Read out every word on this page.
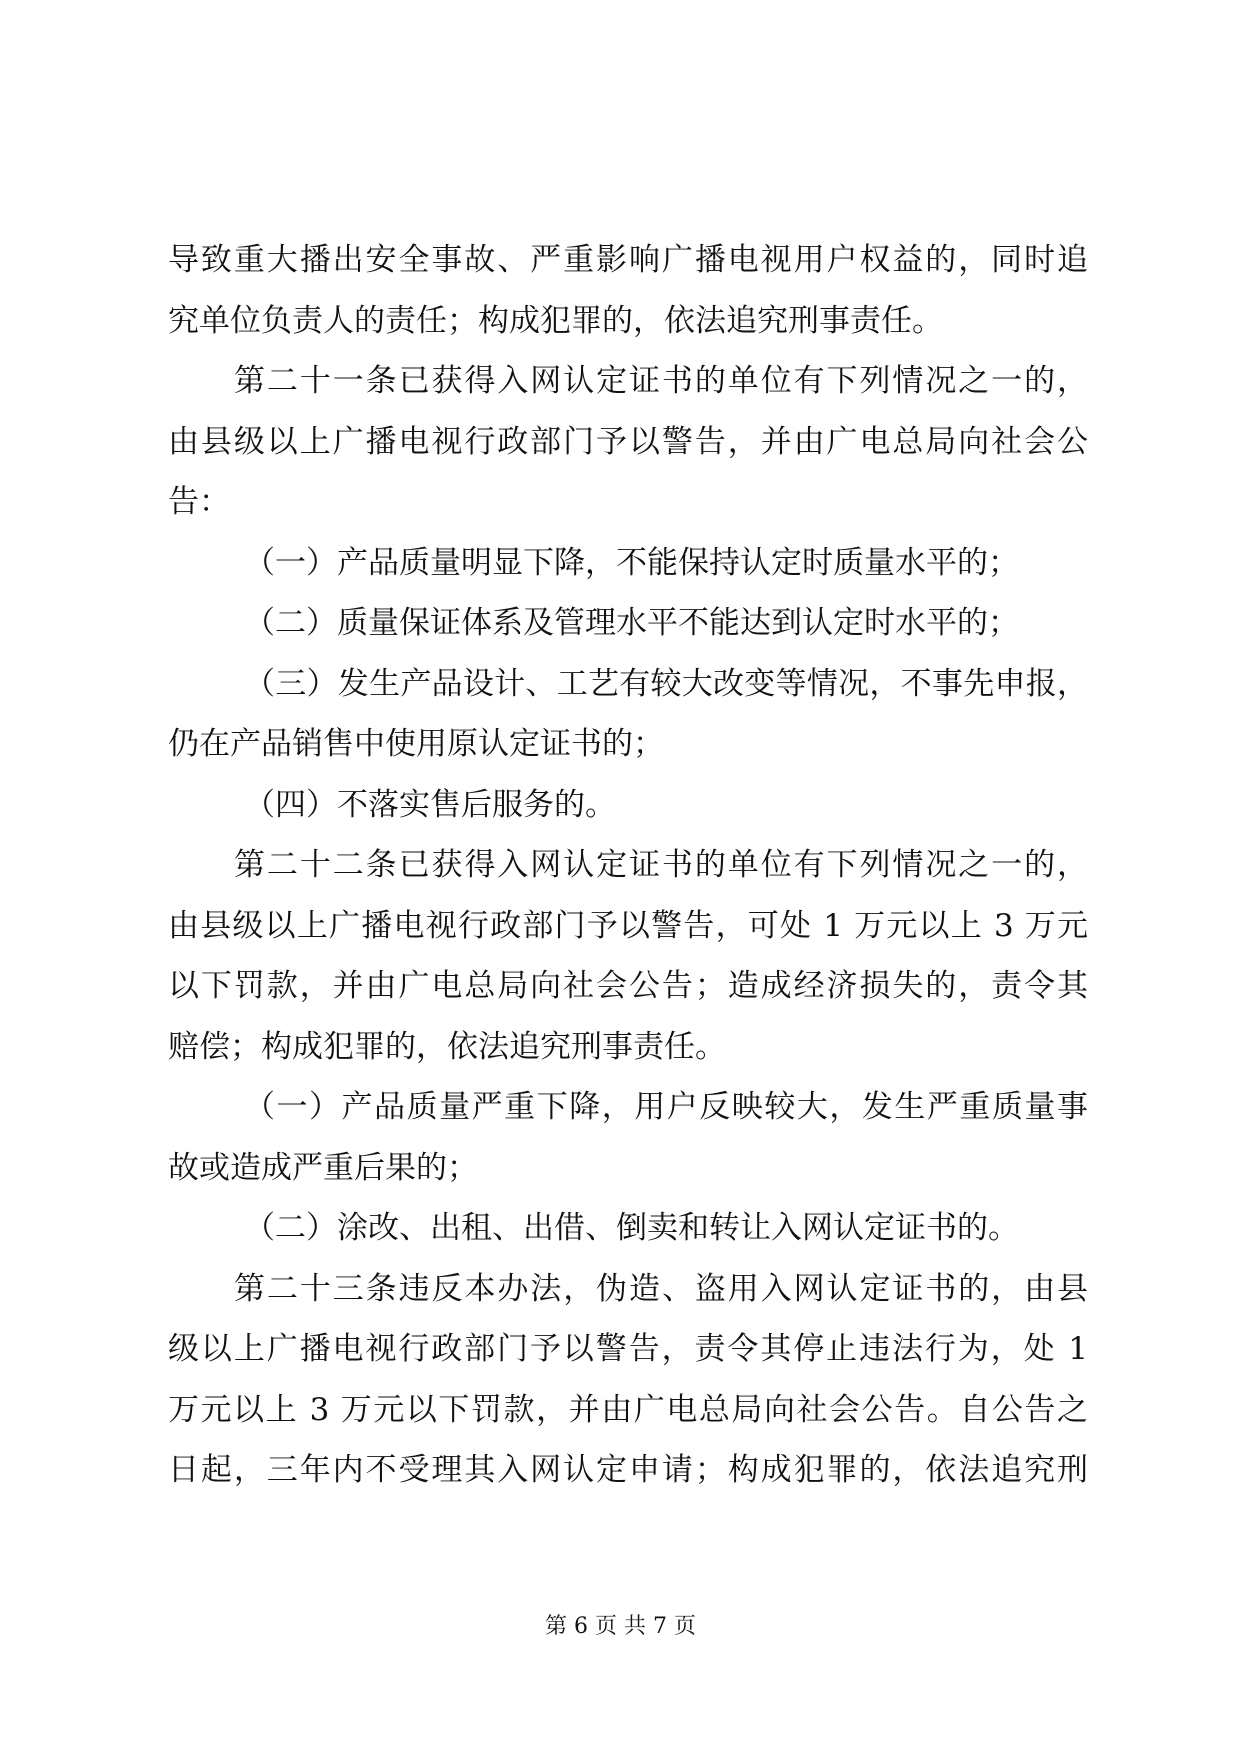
导致重大播出安全事故、严重影响广播电视用户权益的，同时追
究单位负责人的责任；构成犯罪的，依法追究刑事责任。
第二十一条已获得入网认定证书的单位有下列情况之一的，
由县级以上广播电视行政部门予以警告，并由广电总局向社会公
告：
（一）产品质量明显下降，不能保持认定时质量水平的；
（二）质量保证体系及管理水平不能达到认定时水平的；
（三）发生产品设计、工艺有较大改变等情况，不事先申报，
仍在产品销售中使用原认定证书的；
（四）不落实售后服务的。
第二十二条已获得入网认定证书的单位有下列情况之一的，
由县级以上广播电视行政部门予以警告，可处 1 万元以上 3 万元
以下罚款，并由广电总局向社会公告；造成经济损失的，责令其
赔偿；构成犯罪的，依法追究刑事责任。
（一）产品质量严重下降，用户反映较大，发生严重质量事
故或造成严重后果的；
（二）涂改、出租、出借、倒卖和转让入网认定证书的。
第二十三条违反本办法，伪造、盗用入网认定证书的，由县
级以上广播电视行政部门予以警告，责令其停止违法行为，处 1
万元以上 3 万元以下罚款，并由广电总局向社会公告。自公告之
日起，三年内不受理其入网认定申请；构成犯罪的，依法追究刑
第 6 页 共 7 页
